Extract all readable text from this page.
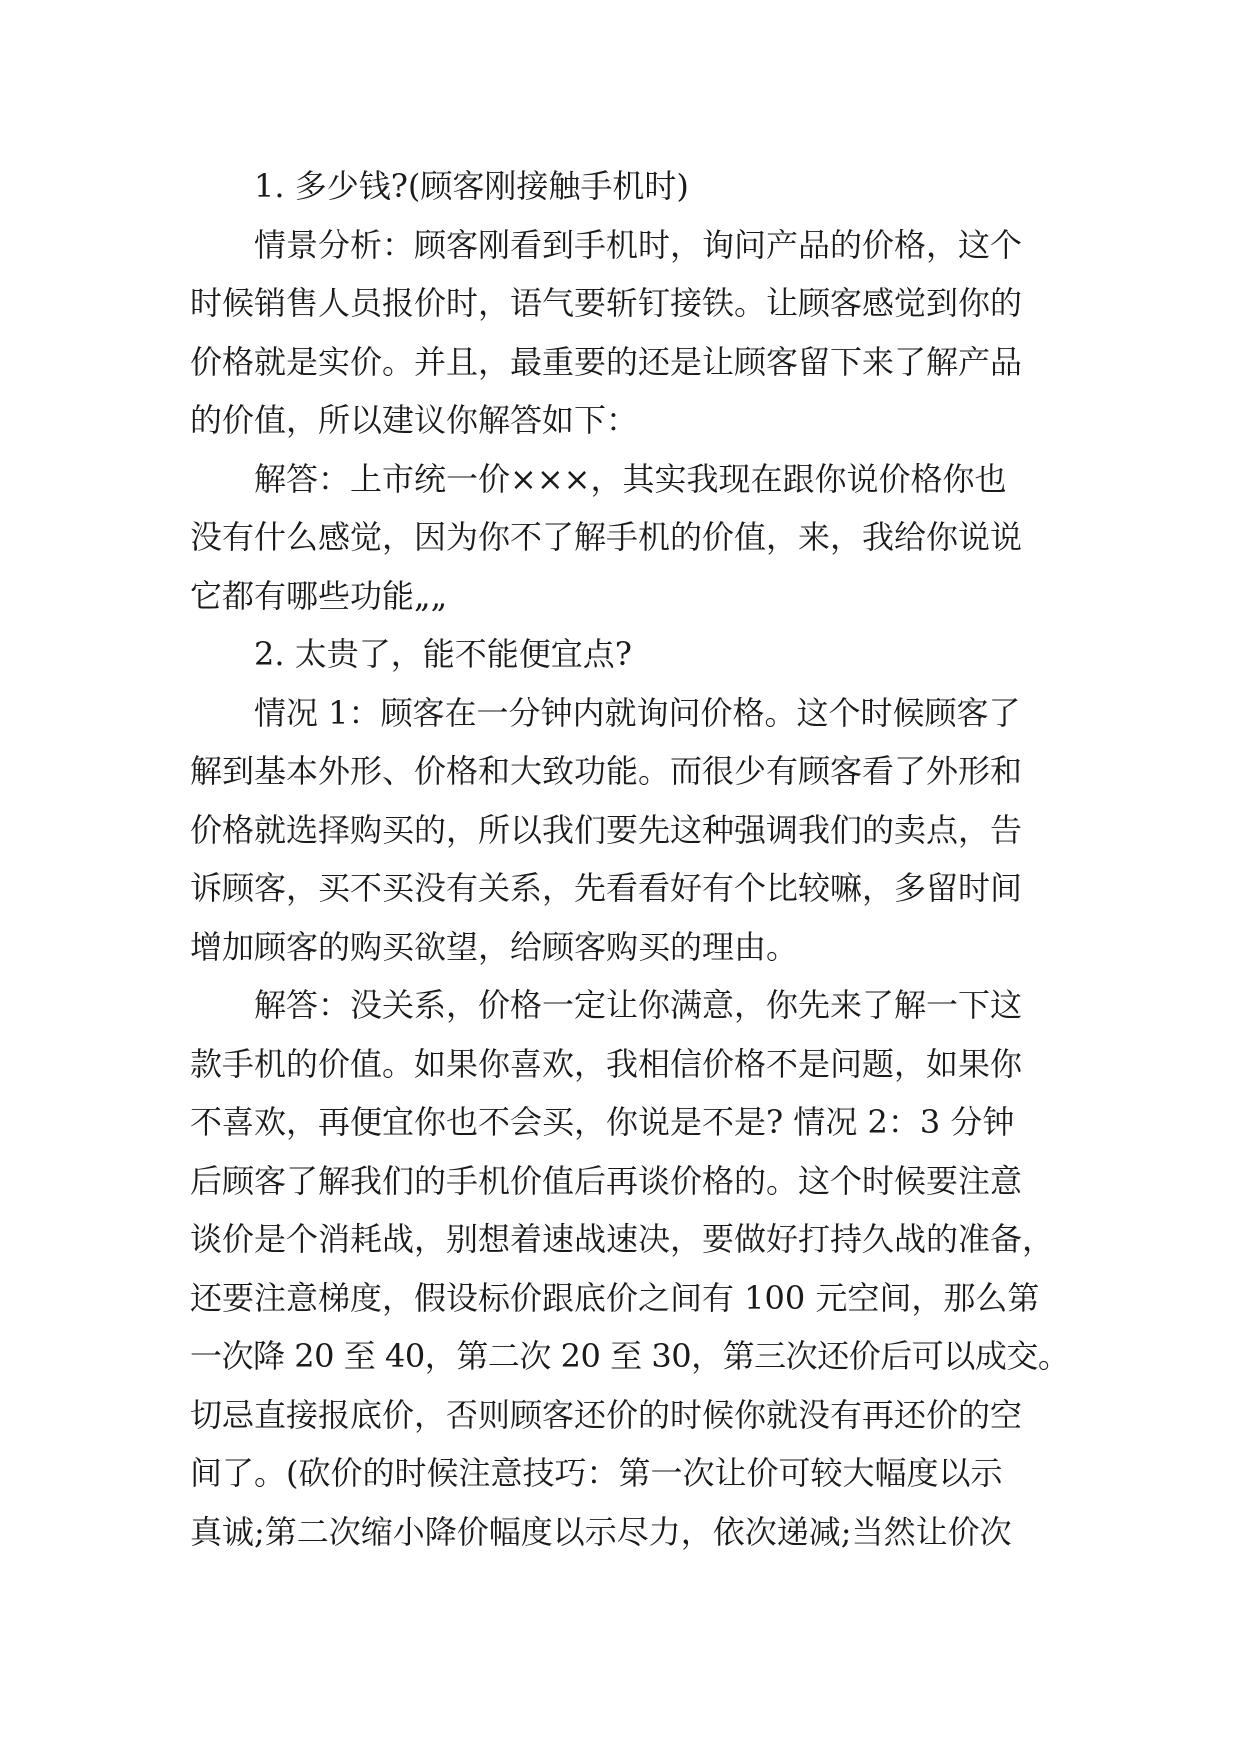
1. 多少钱?(顾客刚接触手机时)

情景分析：顾客刚看到手机时，询问产品的价格，这个

时候销售人员报价时，语气要斩钉接铁。让顾客感觉到你的

价格就是实价。并且，最重要的还是让顾客留下来了解产品

的价值，所以建议你解答如下：

解答：上市统一价×××，其实我现在跟你说价格你也

没有什么感觉，因为你不了解手机的价值，来，我给你说说

它都有哪些功能„„

2. 太贵了，能不能便宜点?

情况 1：顾客在一分钟内就询问价格。这个时候顾客了

解到基本外形、价格和大致功能。而很少有顾客看了外形和

价格就选择购买的，所以我们要先这种强调我们的卖点，告

诉顾客，买不买没有关系，先看看好有个比较嘛，多留时间

增加顾客的购买欲望，给顾客购买的理由。

解答：没关系，价格一定让你满意，你先来了解一下这

款手机的价值。如果你喜欢，我相信价格不是问题，如果你

不喜欢，再便宜你也不会买，你说是不是? 情况 2：3 分钟

后顾客了解我们的手机价值后再谈价格的。这个时候要注意

谈价是个消耗战，别想着速战速决，要做好打持久战的准备，

还要注意梯度，假设标价跟底价之间有 100 元空间，那么第

一次降 20 至 40，第二次 20 至 30，第三次还价后可以成交。

切忌直接报底价，否则顾客还价的时候你就没有再还价的空

间了。(砍价的时候注意技巧：第一次让价可较大幅度以示

真诚;第二次缩小降价幅度以示尽力，依次递减;当然让价次
